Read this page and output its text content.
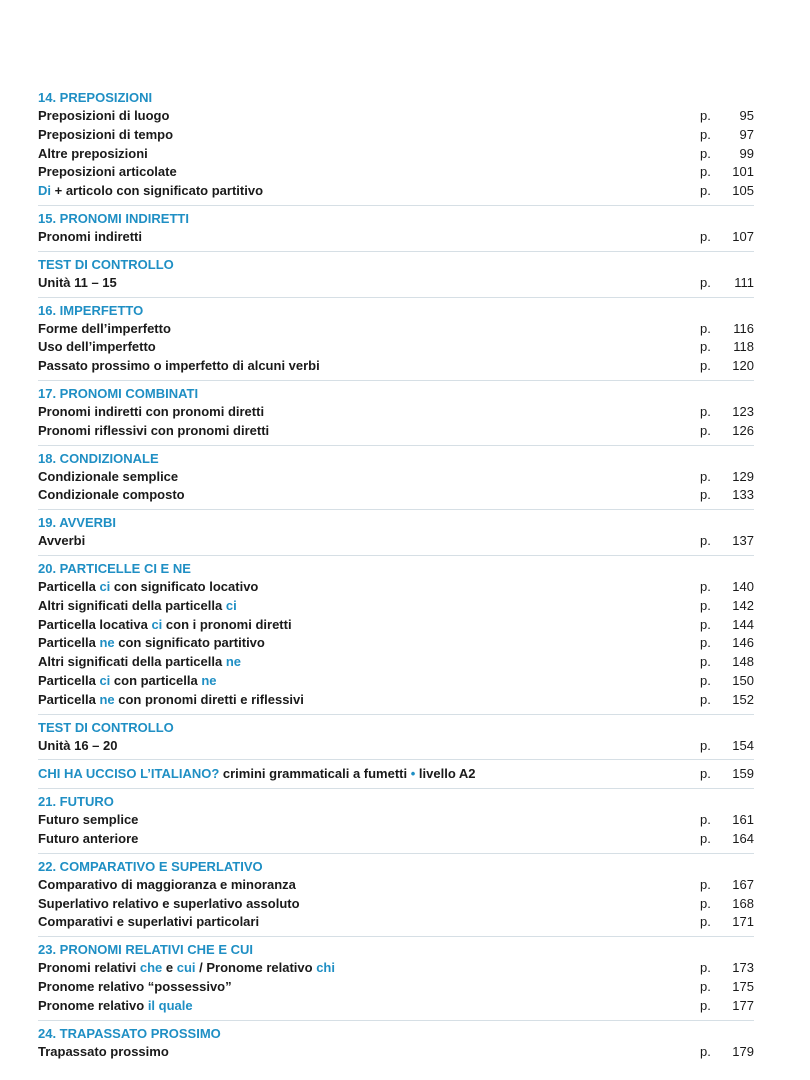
14. PREPOSIZIONI
Preposizioni di luogo	p.	95
Preposizioni di tempo	p.	97
Altre preposizioni	p.	99
Preposizioni articolate	p.	101
Di + articolo con significato partitivo	p.	105
15. PRONOMI INDIRETTI
Pronomi indiretti	p.	107
TEST DI CONTROLLO
Unità 11 – 15	p.	111
16. IMPERFETTO
Forme dell’imperfetto	p.	116
Uso dell’imperfetto	p.	118
Passato prossimo o imperfetto di alcuni verbi	p.	120
17. PRONOMI COMBINATI
Pronomi indiretti con pronomi diretti	p.	123
Pronomi riflessivi con pronomi diretti	p.	126
18. CONDIZIONALE
Condizionale semplice	p.	129
Condizionale composto	p.	133
19. AVVERBI
Avverbi	p.	137
20. PARTICELLE CI E NE
Particella ci con significato locativo	p.	140
Altri significati della particella ci	p.	142
Particella locativa ci con i pronomi diretti	p.	144
Particella ne con significato partitivo	p.	146
Altri significati della particella ne	p.	148
Particella ci con particella ne	p.	150
Particella ne con pronomi diretti e riflessivi	p.	152
TEST DI CONTROLLO
Unità 16 – 20	p.	154
CHI HA UCCISO L’ITALIANO? crimini grammaticali a fumetti • livello A2	p.	159
21. FUTURO
Futuro semplice	p.	161
Futuro anteriore	p.	164
22. COMPARATIVO E SUPERLATIVO
Comparativo di maggioranza e minoranza	p.	167
Superlativo relativo e superlativo assoluto	p.	168
Comparativi e superlativi particolari	p.	171
23. PRONOMI RELATIVI CHE E CUI
Pronomi relativi che e cui / Pronome relativo chi	p.	173
Pronome relativo “possessivo”	p.	175
Pronome relativo il quale	p.	177
24. TRAPASSATO PROSSIMO
Trapassato prossimo	p.	179
